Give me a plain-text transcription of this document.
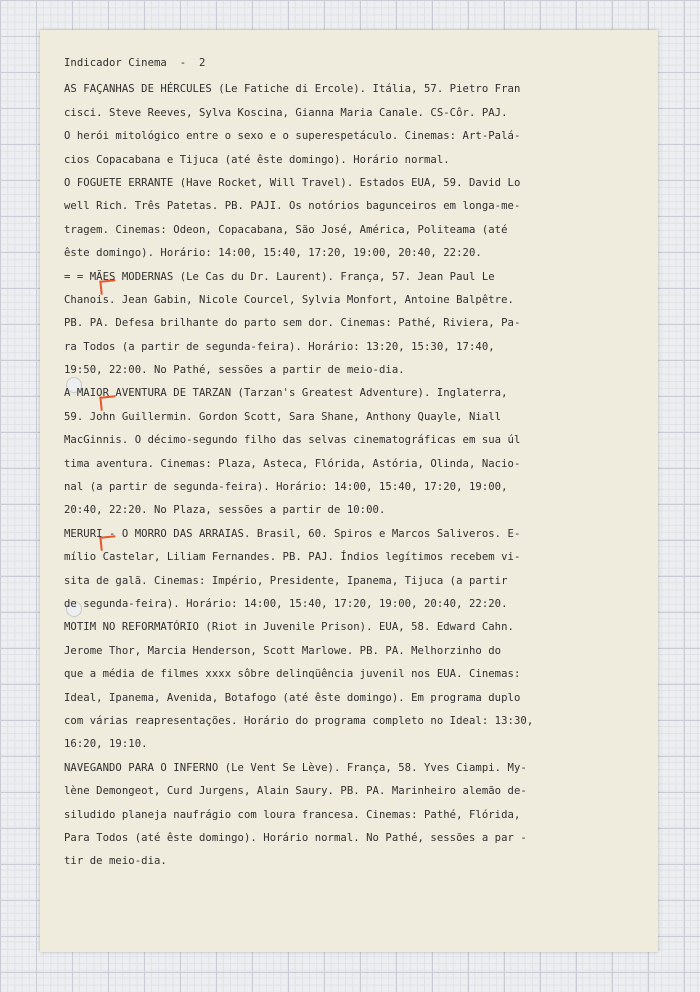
Indicador Cinema  -  2
AS FAÇANHAS DE HÉRCULES (Le Fatiche di Ercole). Itália, 57. Pietro Fran
cisci. Steve Reeves, Sylva Koscina, Gianna Maria Canale. CS-Côr. PAJ.
O herói mitológico entre o sexo e o superespetáculo. Cinemas: Art-Palá-
cios Copacabana e Tijuca (até êste domingo). Horário normal.
O FOGUETE ERRANTE (Have Rocket, Will Travel). Estados EUA, 59. David Lo
well Rich. Três Patetas. PB. PAJI. Os notórios bagunceiros em longa-me-
tragem. Cinemas: Odeon, Copacabana, São José, América, Politeama (até
êste domingo). Horário: 14:00, 15:40, 17:20, 19:00, 20:40, 22:20.
= = MÃES MODERNAS (Le Cas du Dr. Laurent). França, 57. Jean Paul Le
Chanois. Jean Gabin, Nicole Courcel, Sylvia Monfort, Antoine Balpêtre.
PB. PA. Defesa brilhante do parto sem dor. Cinemas: Pathé, Riviera, Pa-
ra Todos (a partir de segunda-feira). Horário: 13:20, 15:30, 17:40,
19:50, 22:00. No Pathé, sessões a partir de meio-dia.
A MAIOR AVENTURA DE TARZAN (Tarzan's Greatest Adventure). Inglaterra,
59. John Guillermin. Gordon Scott, Sara Shane, Anthony Quayle, Niall
MacGinnis. O décimo-segundo filho das selvas cinematográficas em sua úl
tima aventura. Cinemas: Plaza, Asteca, Flórida, Astória, Olinda, Nacio-
nal (a partir de segunda-feira). Horário: 14:00, 15:40, 17:20, 19:00,
20:40, 22:20. No Plaza, sessões a partir de 10:00.
MERURI - O MORRO DAS ARRAIAS. Brasil, 60. Spiros e Marcos Saliveros. E-
mílio Castelar, Liliam Fernandes. PB. PAJ. Índios legítimos recebem vi-
sita de galã. Cinemas: Império, Presidente, Ipanema, Tijuca (a partir
de segunda-feira). Horário: 14:00, 15:40, 17:20, 19:00, 20:40, 22:20.
MOTIM NO REFORMATÓRIO (Riot in Juvenile Prison). EUA, 58. Edward Cahn.
Jerome Thor, Marcia Henderson, Scott Marlowe. PB. PA. Melhorzinho do
que a média de filmes xxxx sôbre delinqüência juvenil nos EUA. Cinemas:
Ideal, Ipanema, Avenida, Botafogo (até êste domingo). Em programa duplo
com várias reapresentações. Horário do programa completo no Ideal: 13:30,
16:20, 19:10.
NAVEGANDO PARA O INFERNO (Le Vent Se Lève). França, 58. Yves Ciampi. My-
lène Demongeot, Curd Jurgens, Alain Saury. PB. PA. Marinheiro alemão de-
siludido planeja naufrágio com loura francesa. Cinemas: Pathé, Flórida,
Para Todos (até êste domingo). Horário normal. No Pathé, sessões a par -
tir de meio-dia.
